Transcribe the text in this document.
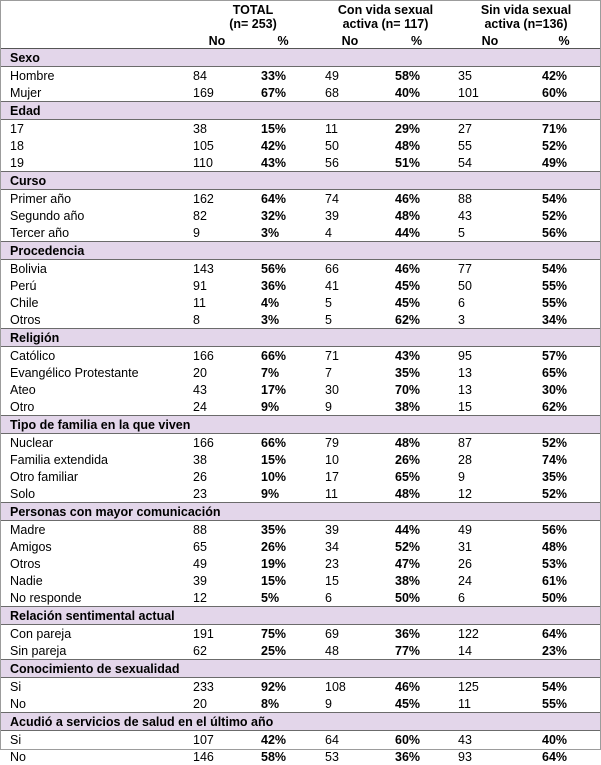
	TOTAL
(n= 253)		Con vida sexual
activa (n= 117)		Sin vida sexual
activa (n=136)	
	No	%	No	%	No	%
Sexo						
Hombre	84	33%	49	58%	35	42%
Mujer	169	67%	68	40%	101	60%
Edad						
17	38	15%	11	29%	27	71%
18	105	42%	50	48%	55	52%
19	110	43%	56	51%	54	49%
Curso						
Primer año	162	64%	74	46%	88	54%
Segundo año	82	32%	39	48%	43	52%
Tercer año	9	3%	4	44%	5	56%
Procedencia						
Bolivia	143	56%	66	46%	77	54%
Perú	91	36%	41	45%	50	55%
Chile	11	4%	5	45%	6	55%
Otros	8	3%	5	62%	3	34%
Religión						
Católico	166	66%	71	43%	95	57%
Evangélico Protestante	20	7%	7	35%	13	65%
Ateo	43	17%	30	70%	13	30%
Otro	24	9%	9	38%	15	62%
Tipo de familia en la que viven						
Nuclear	166	66%	79	48%	87	52%
Familia extendida	38	15%	10	26%	28	74%
Otro familiar	26	10%	17	65%	9	35%
Solo	23	9%	11	48%	12	52%
Personas con mayor comunicación						
Madre	88	35%	39	44%	49	56%
Amigos	65	26%	34	52%	31	48%
Otros	49	19%	23	47%	26	53%
Nadie	39	15%	15	38%	24	61%
No responde	12	5%	6	50%	6	50%
Relación sentimental actual						
Con pareja	191	75%	69	36%	122	64%
Sin pareja	62	25%	48	77%	14	23%
Conocimiento de sexualidad						
Si	233	92%	108	46%	125	54%
No	20	8%	9	45%	11	55%
Acudió a servicios de salud en el último año						
Si	107	42%	64	60%	43	40%
No	146	58%	53	36%	93	64%
